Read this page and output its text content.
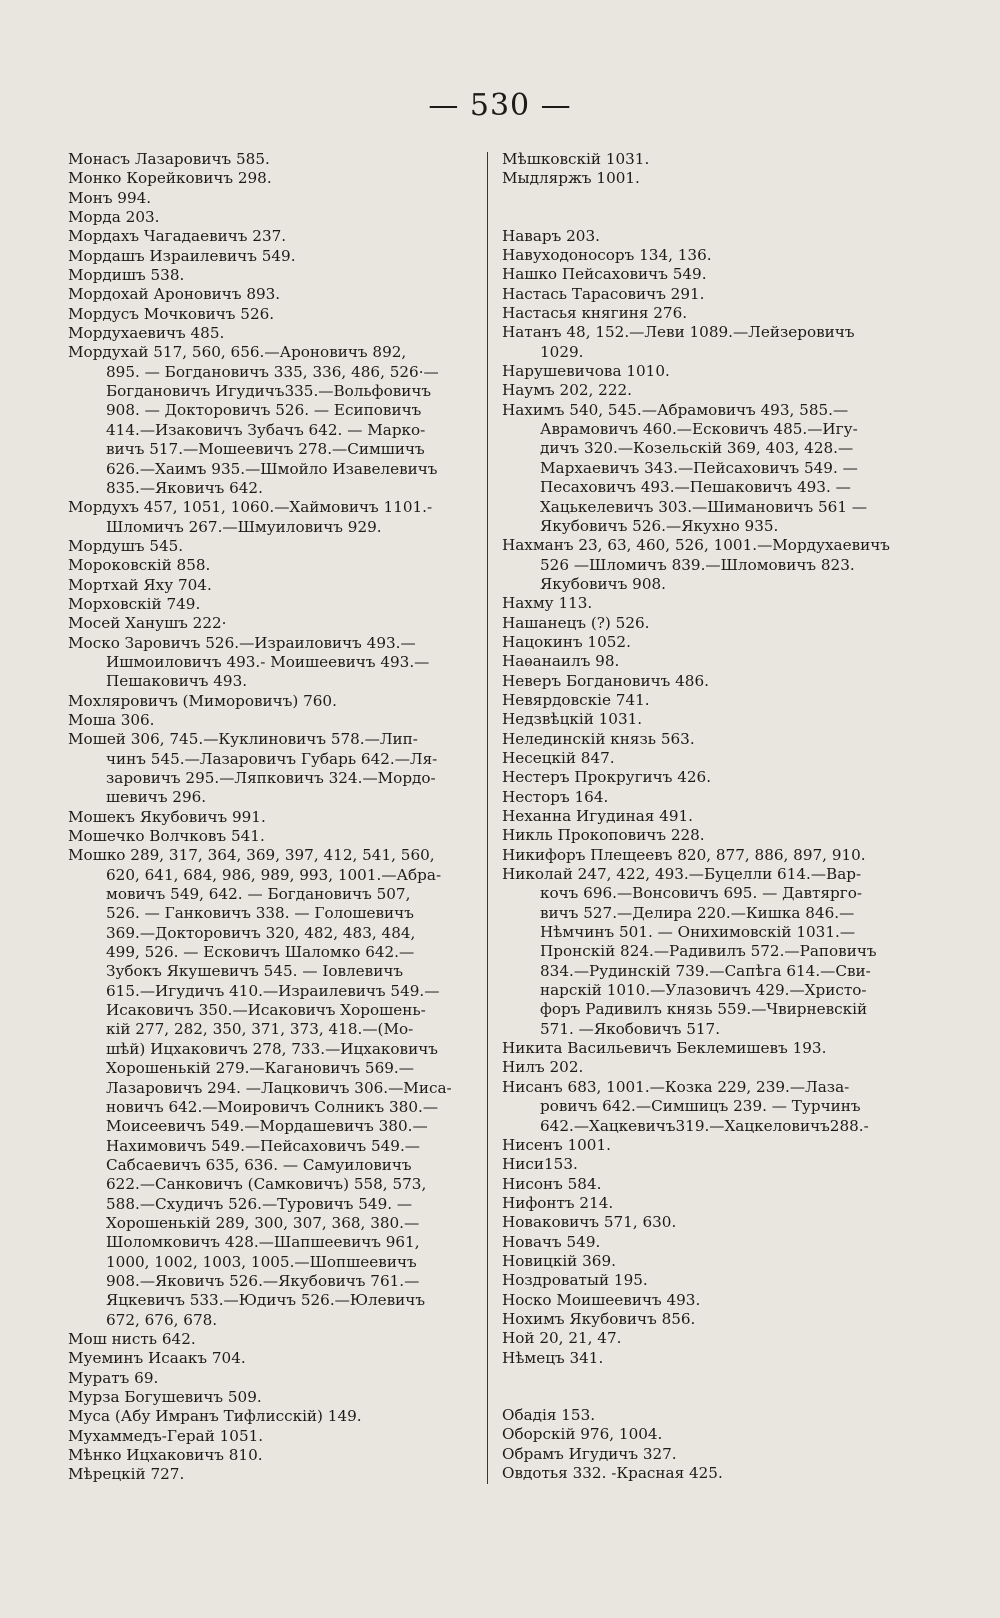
— 530 —
Монасъ Лазаровичъ 585.
Монко Корейковичъ 298.
Монъ 994.
Морда 203.
Мордахъ Чагадаевичъ 237.
Мордашъ Израилевичъ 549.
Мордишъ 538.
Мордохай Ароновичъ 893.
Мордусъ Мочковичъ 526.
Мордухаевичъ 485.
Мордухай 517, 560, 656.—Ароновичъ 892,
895. — Богдановичъ 335, 336, 486, 526·—
Богдановичъ Игудичъ335.—Вольфовичъ
908. — Докторовичъ 526. — Есиповичъ
414.—Изаковичъ Зубачъ 642. — Марко-
вичъ 517.—Мошеевичъ 278.—Симшичъ
626.—Хаимъ 935.—Шмойло Изавелевичъ
835.—Яковичъ 642.
Мордухъ 457, 1051, 1060.—Хаймовичъ 1101.-
Шломичъ 267.—Шмуиловичъ 929.
Мордушъ 545.
Мороковскій 858.
Мортхай Яху 704.
Морховскій 749.
Мосей Ханушъ 222·
Моско Заровичъ 526.—Израиловичъ 493.—
Ишмоиловичъ 493.- Моишеевичъ 493.—
Пешаковичъ 493.
Мохляровичъ (Миморовичъ) 760.
Моша 306.
Мошей 306, 745.—Куклиновичъ 578.—Лип-
чинъ 545.—Лазаровичъ Губарь 642.—Ля-
заровичъ 295.—Ляпковичъ 324.—Мордо-
шевичъ 296.
Мошекъ Якубовичъ 991.
Мошечко Волчковъ 541.
Мошко 289, 317, 364, 369, 397, 412, 541, 560,
620, 641, 684, 986, 989, 993, 1001.—Абра-
мовичъ 549, 642. — Богдановичъ 507,
526. — Ганковичъ 338. — Голошевичъ
369.—Докторовичъ 320, 482, 483, 484,
499, 526. — Есковичъ Шаломко 642.—
Зубокъ Якушевичъ 545. — Іовлевичъ
615.—Игудичъ 410.—Израилевичъ 549.—
Исаковичъ 350.—Исаковичъ Хорошень-
кій 277, 282, 350, 371, 373, 418.—(Мо-
шѣй) Ицхаковичъ 278, 733.—Ицхаковичъ
Хорошенькій 279.—Кагановичъ 569.—
Лазаровичъ 294. —Лацковичъ 306.—Миса-
новичъ 642.—Моировичъ Солникъ 380.—
Моисеевичъ 549.—Мордашевичъ 380.—
Нахимовичъ 549.—Пейсаховичъ 549.—
Сабсаевичъ 635, 636. — Самуиловичъ
622.—Санковичъ (Самковичъ) 558, 573,
588.—Схудичъ 526.—Туровичъ 549. —
Хорошенькій 289, 300, 307, 368, 380.—
Шоломковичъ 428.—Шапшеевичъ 961,
1000, 1002, 1003, 1005.—Шопшеевичъ
908.—Яковичъ 526.—Якубовичъ 761.—
Яцкевичъ 533.—Юдичъ 526.—Юлевичъ
672, 676, 678.
Мош нисть 642.
Муеминъ Исаакъ 704.
Муратъ 69.
Мурза Богушевичъ 509.
Муса (Абу Имранъ Тифлисскій) 149.
Мухаммедъ-Герай 1051.
Мѣнко Ицхаковичъ 810.
Мѣрецкій 727.
Мѣшковскій 1031.
Мыдляржъ 1001.
Наваръ 203.
Навуходоносоръ 134, 136.
Нашко Пейсаховичъ 549.
Настась Тарасовичъ 291.
Настасья княгиня 276.
Натанъ 48, 152.—Леви 1089.—Лейзеровичъ
1029.
Нарушевичова 1010.
Наумъ 202, 222.
Нахимъ 540, 545.—Абрамовичъ 493, 585.—
Аврамовичъ 460.—Есковичъ 485.—Игу-
дичъ 320.—Козельскій 369, 403, 428.—
Мархаевичъ 343.—Пейсаховичъ 549. —
Песаховичъ 493.—Пешаковичъ 493. —
Хацькелевичъ 303.—Шимановичъ 561 —
Якубовичъ 526.—Якухно 935.
Нахманъ 23, 63, 460, 526, 1001.—Мордухаевичъ
526 —Шломичъ 839.—Шломовичъ 823.
Якубовичъ 908.
Нахму 113.
Нашанецъ (?) 526.
Нацокинъ 1052.
Наѳанаилъ 98.
Неверъ Богдановичъ 486.
Невярдовскіе 741.
Недзвѣцкій 1031.
Нелединскій князь 563.
Несецкій 847.
Нестеръ Прокругичъ 426.
Несторъ 164.
Неханна Игудиная 491.
Никль Прокоповичъ 228.
Никифоръ Плещеевъ 820, 877, 886, 897, 910.
Николай 247, 422, 493.—Буцелли 614.—Вар-
кочъ 696.—Вонсовичъ 695. — Давтярго-
вичъ 527.—Делира 220.—Кишка 846.—
Нѣмчинъ 501. — Онихимовскій 1031.—
Пронскій 824.—Радивилъ 572.—Раповичъ
834.—Рудинскій 739.—Сапѣга 614.—Сви-
нарскій 1010.—Улазовичъ 429.—Христо-
форъ Радивилъ князь 559.—Чвирневскій
571. —Якобовичъ 517.
Никита Васильевичъ Беклемишевъ 193.
Нилъ 202.
Нисанъ 683, 1001.—Козка 229, 239.—Лаза-
ровичъ 642.—Симшицъ 239. — Турчинъ
642.—Хацкевичъ319.—Хацкеловичъ288.-
Нисенъ 1001.
Ниси153.
Нисонъ 584.
Нифонтъ 214.
Новаковичъ 571, 630.
Новачъ 549.
Новицкій 369.
Ноздроватый 195.
Носко Моишеевичъ 493.
Нохимъ Якубовичъ 856.
Ной 20, 21, 47.
Нѣмецъ 341.
Обадія 153.
Оборскій 976, 1004.
Обрамъ Игудичъ 327.
Овдотья 332. -Красная 425.
